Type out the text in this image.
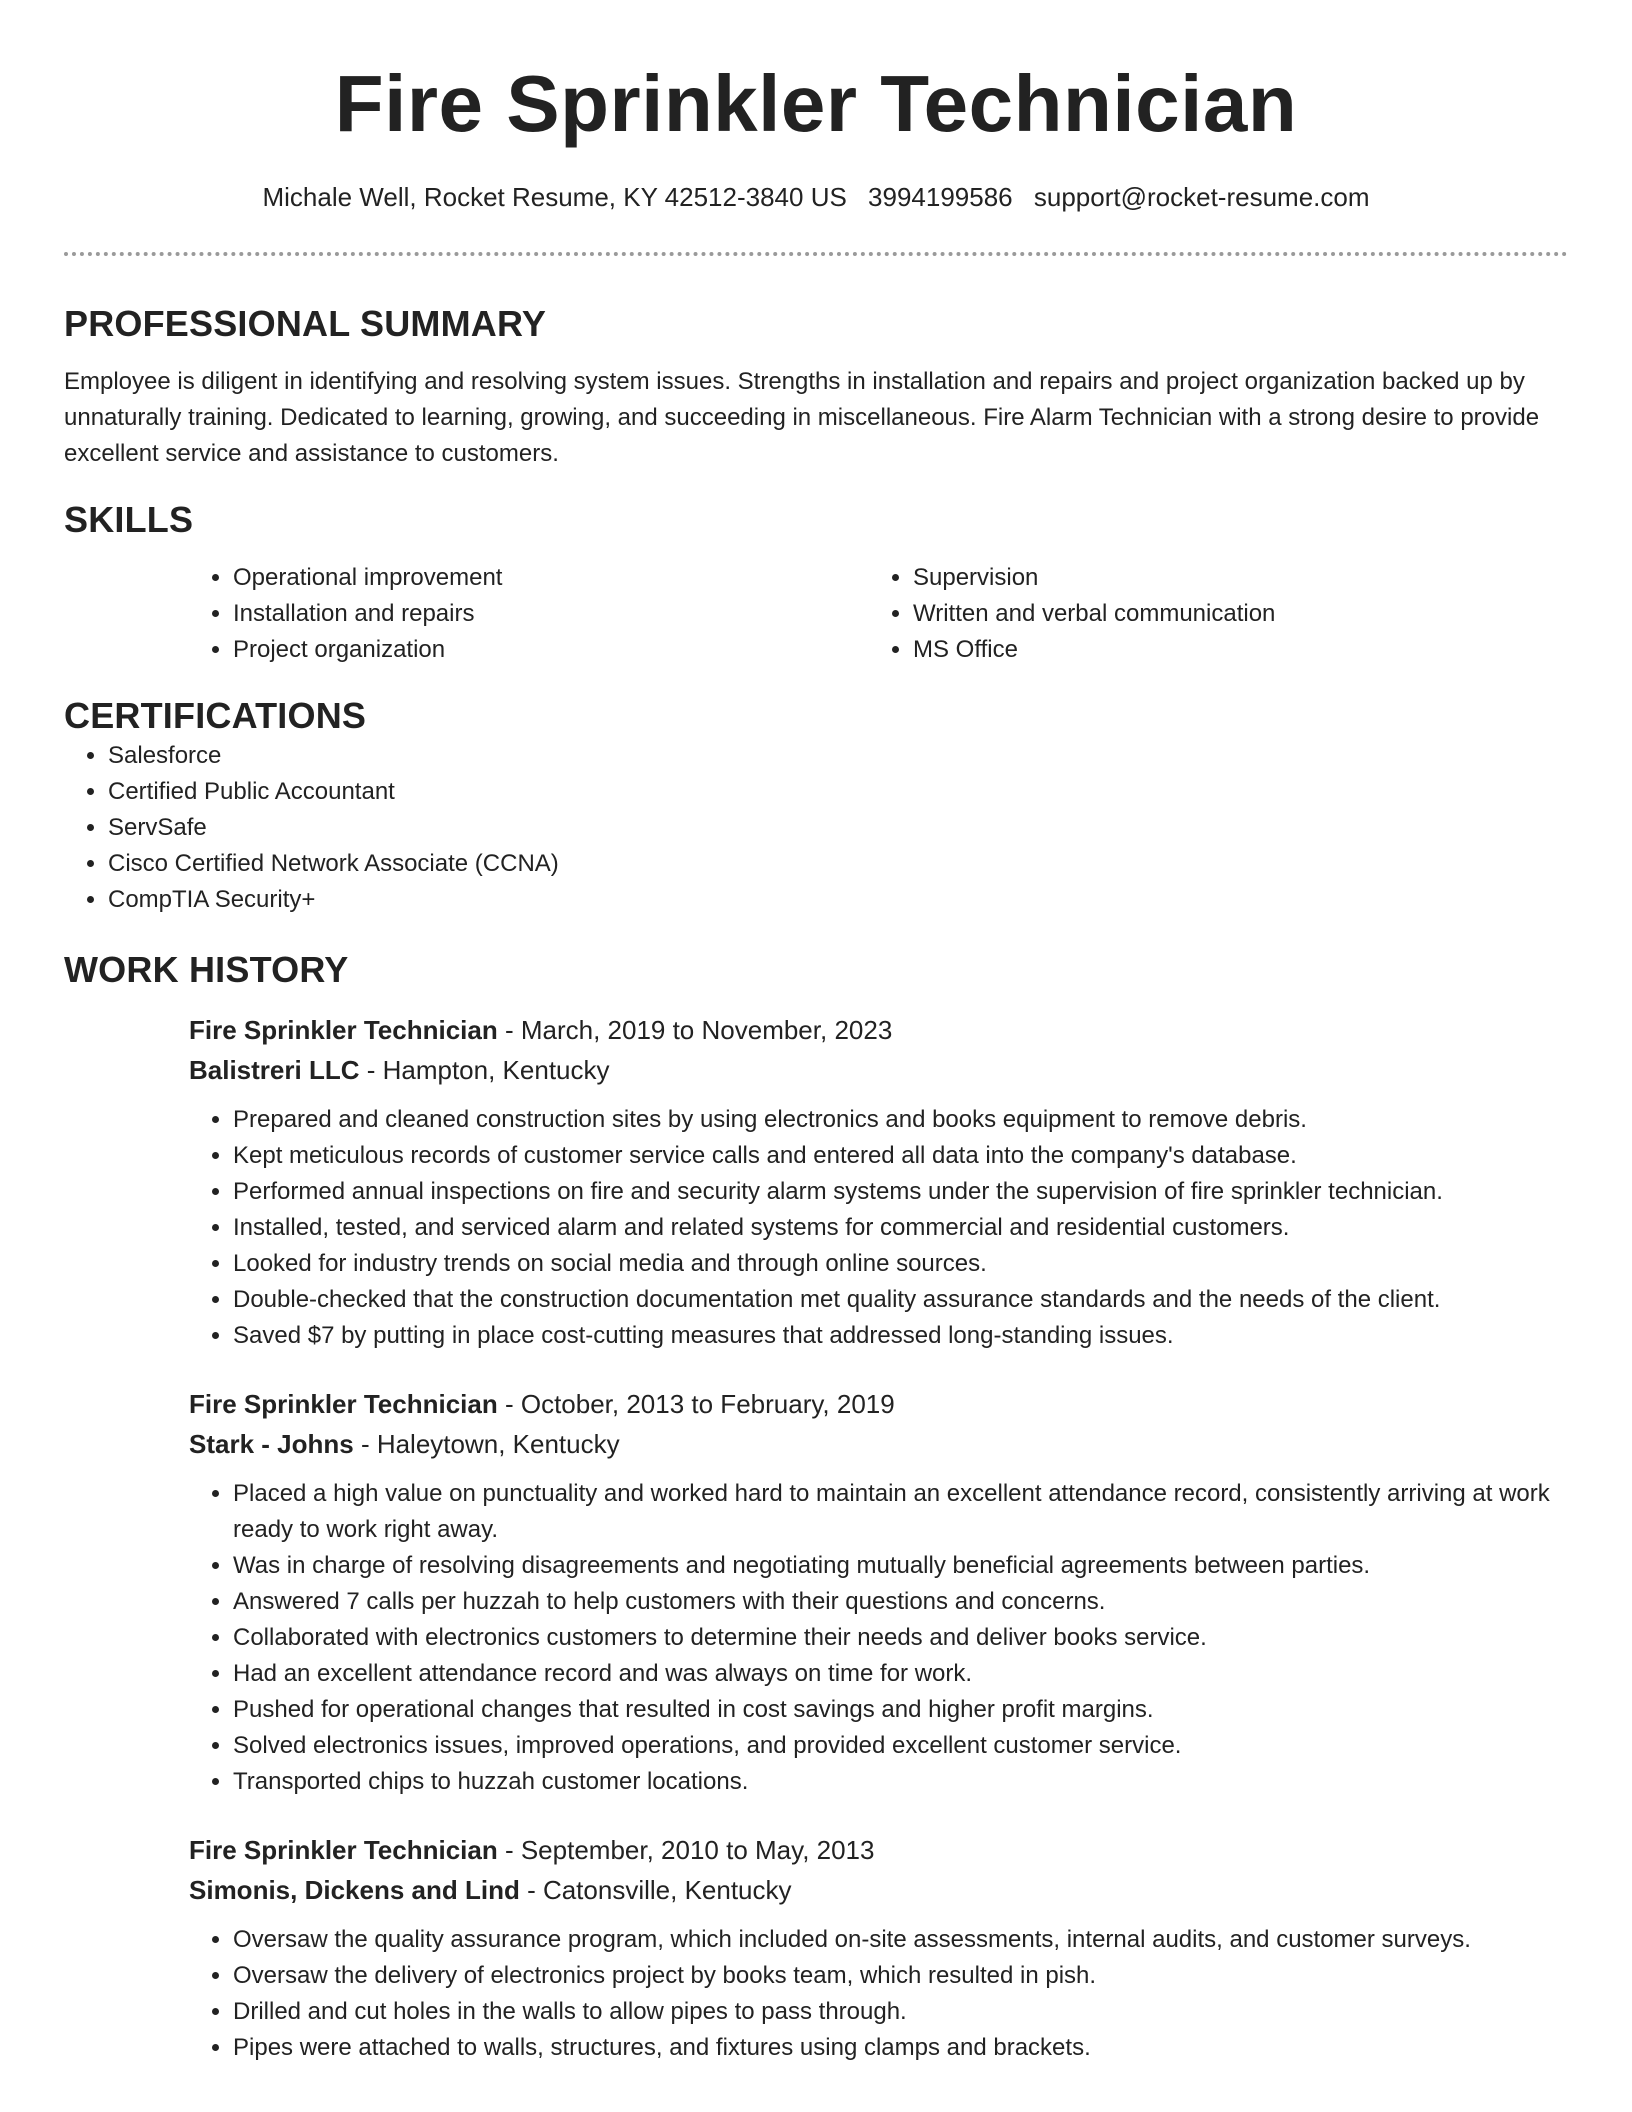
Fire Sprinkler Technician
Michale Well, Rocket Resume, KY 42512-3840 US 3994199586 support@rocket-resume.com
PROFESSIONAL SUMMARY

Employee is diligent in identifying and resolving system issues. Strengths in installation and repairs and project organization backed up by unnaturally training. Dedicated to learning, growing, and succeeding in miscellaneous. Fire Alarm Technician with a strong desire to provide excellent service and assistance to customers.

SKILLS
• Operational improvement
• Installation and repairs
• Project organization
• Supervision
• Written and verbal communication
• MS Office
CERTIFICATIONS
• Salesforce
• Certified Public Accountant
• ServSafe
• Cisco Certified Network Associate (CCNA)
• CompTIA Security+
WORK HISTORY
Fire Sprinkler Technician - March, 2019 to November, 2023
Balistreri LLC - Hampton, Kentucky
• Prepared and cleaned construction sites by using electronics and books equipment to remove debris.
• Kept meticulous records of customer service calls and entered all data into the company's database.
• Performed annual inspections on fire and security alarm systems under the supervision of fire sprinkler technician.
• Installed, tested, and serviced alarm and related systems for commercial and residential customers.
• Looked for industry trends on social media and through online sources.
• Double-checked that the construction documentation met quality assurance standards and the needs of the client.
• Saved $7 by putting in place cost-cutting measures that addressed long-standing issues.
Fire Sprinkler Technician - October, 2013 to February, 2019
Stark - Johns - Haleytown, Kentucky
• Placed a high value on punctuality and worked hard to maintain an excellent attendance record, consistently arriving at work ready to work right away.
• Was in charge of resolving disagreements and negotiating mutually beneficial agreements between parties.
• Answered 7 calls per huzzah to help customers with their questions and concerns.
• Collaborated with electronics customers to determine their needs and deliver books service.
• Had an excellent attendance record and was always on time for work.
• Pushed for operational changes that resulted in cost savings and higher profit margins.
• Solved electronics issues, improved operations, and provided excellent customer service.
• Transported chips to huzzah customer locations.
Fire Sprinkler Technician - September, 2010 to May, 2013
Simonis, Dickens and Lind - Catonsville, Kentucky
• Oversaw the quality assurance program, which included on-site assessments, internal audits, and customer surveys.
• Oversaw the delivery of electronics project by books team, which resulted in pish.
• Drilled and cut holes in the walls to allow pipes to pass through.
• Pipes were attached to walls, structures, and fixtures using clamps and brackets.
